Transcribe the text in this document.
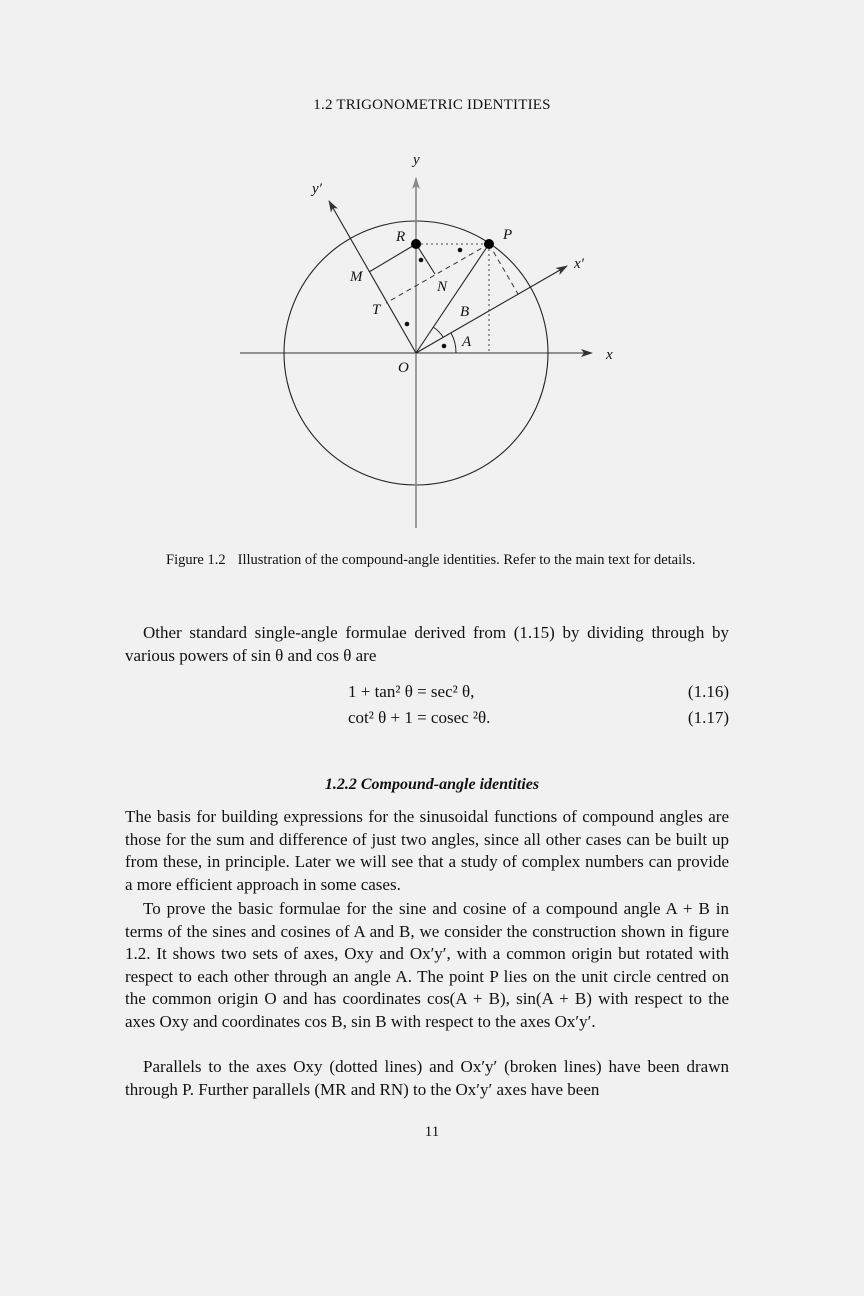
1.2 TRIGONOMETRIC IDENTITIES
y
y′
x
x′
R	P
M
N
T	B
A
O
Figure 1.2 Illustration of the compound-angle identities. Refer to the main text for details.
Other standard single-angle formulae derived from (1.15) by dividing through by various powers of sin θ and cos θ are
1 + tan² θ = sec² θ,	(1.16)
cot² θ + 1 = cosec ²θ.	(1.17)
1.2.2 Compound-angle identities
The basis for building expressions for the sinusoidal functions of compound angles are those for the sum and difference of just two angles, since all other cases can be built up from these, in principle. Later we will see that a study of complex numbers can provide a more efficient approach in some cases.
To prove the basic formulae for the sine and cosine of a compound angle A + B in terms of the sines and cosines of A and B, we consider the construction shown in figure 1.2. It shows two sets of axes, Oxy and Ox′y′, with a common origin but rotated with respect to each other through an angle A. The point P lies on the unit circle centred on the common origin O and has coordinates cos(A + B), sin(A + B) with respect to the axes Oxy and coordinates cos B, sin B with respect to the axes Ox′y′.
Parallels to the axes Oxy (dotted lines) and Ox′y′ (broken lines) have been drawn through P. Further parallels (MR and RN) to the Ox′y′ axes have been
11
